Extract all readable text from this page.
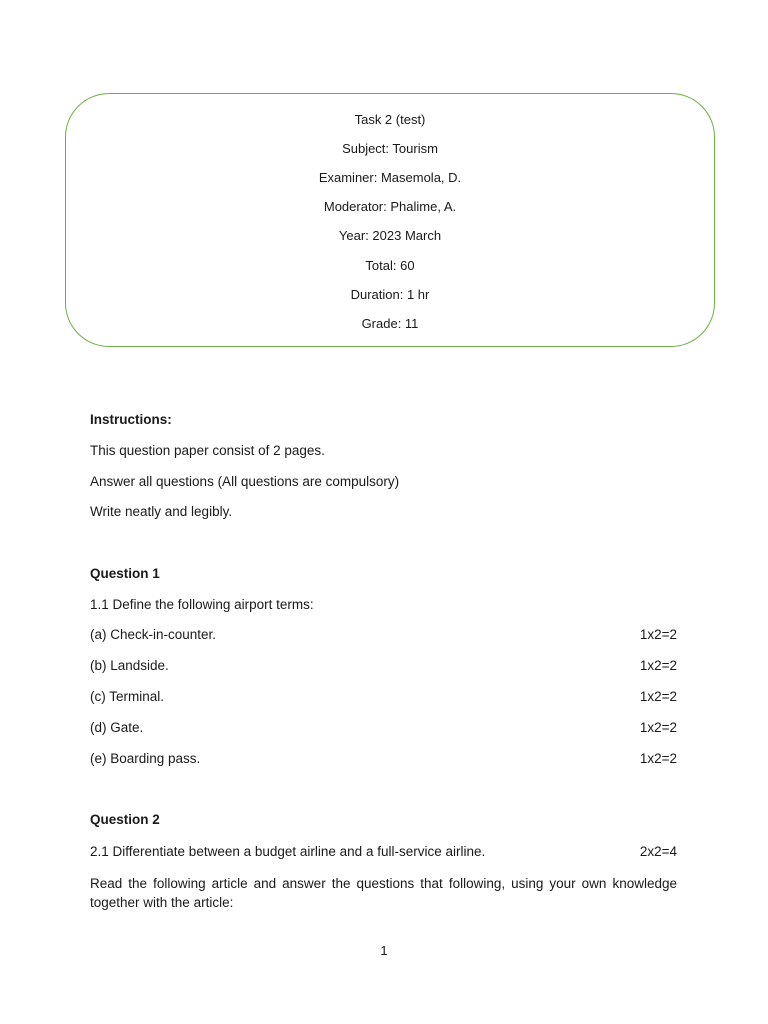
Task 2 (test)
Subject: Tourism
Examiner: Masemola, D.
Moderator: Phalime, A.
Year: 2023 March
Total: 60
Duration: 1 hr
Grade: 11
Instructions:
This question paper consist of 2 pages.
Answer all questions (All questions are compulsory)
Write neatly and legibly.
Question 1
1.1 Define the following airport terms:
(a) Check-in-counter.	1x2=2
(b) Landside.	1x2=2
(c) Terminal.	1x2=2
(d) Gate.	1x2=2
(e) Boarding pass.	1x2=2
Question 2
2.1 Differentiate between a budget airline and a full-service airline.	2x2=4
Read the following article and answer the questions that following, using your own knowledge together with the article:
1
